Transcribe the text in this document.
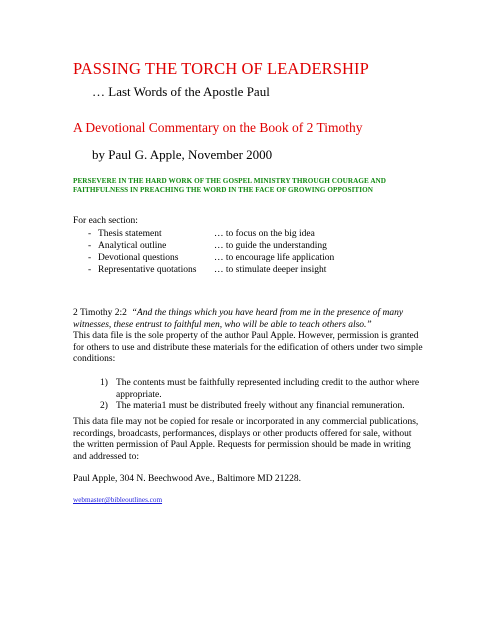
PASSING THE TORCH OF LEADERSHIP
… Last Words of the Apostle Paul
A Devotional Commentary on the Book of 2 Timothy
by Paul G. Apple, November 2000
PERSEVERE IN THE HARD WORK OF THE GOSPEL MINISTRY THROUGH COURAGE AND FAITHFULNESS IN PREACHING THE WORD IN THE FACE OF GROWING OPPOSITION
For each section:
- Thesis statement	… to focus on the big idea
- Analytical outline	… to guide the understanding
- Devotional questions	… to encourage life application
- Representative quotations	… to stimulate deeper insight
2 Timothy 2:2 “And the things which you have heard from me in the presence of many witnesses, these entrust to faithful men, who will be able to teach others also.”
This data file is the sole property of the author Paul Apple. However, permission is granted for others to use and distribute these materials for the edification of others under two simple conditions:
1) The contents must be faithfully represented including credit to the author where appropriate.
2) The materia1 must be distributed freely without any financial remuneration.
This data file may not be copied for resale or incorporated in any commercial publications, recordings, broadcasts, performances, displays or other products offered for sale, without the written permission of Paul Apple. Requests for permission should be made in writing and addressed to:
Paul Apple, 304 N. Beechwood Ave., Baltimore MD 21228.
webmaster@bibleoutlines.com
